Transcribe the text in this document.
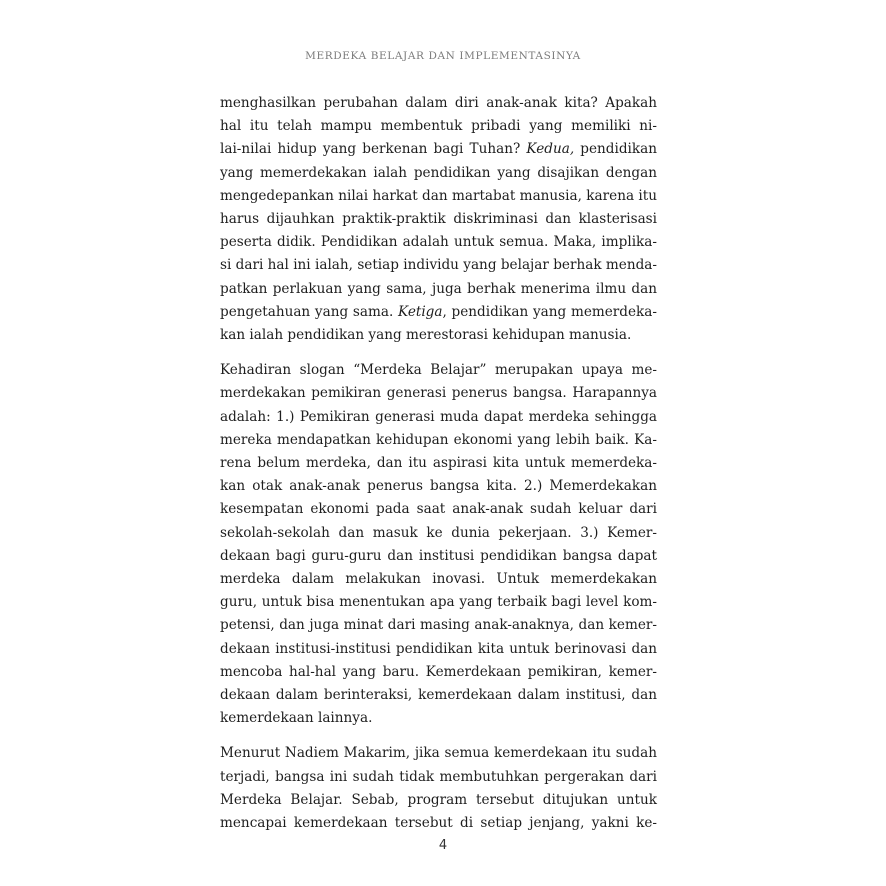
MERDEKA BELAJAR DAN IMPLEMENTASINYA

menghasilkan perubahan dalam diri anak-anak kita? Apakah
hal itu telah mampu membentuk pribadi yang memiliki ni-
lai-nilai hidup yang berkenan bagi Tuhan? Kedua, pendidikan
yang memerdekakan ialah pendidikan yang disajikan dengan
mengedepankan nilai harkat dan martabat manusia, karena itu
harus dijauhkan praktik-praktik diskriminasi dan klasterisasi
peserta didik. Pendidikan adalah untuk semua. Maka, implika-
si dari hal ini ialah, setiap individu yang belajar berhak menda-
patkan perlakuan yang sama, juga berhak menerima ilmu dan
pengetahuan yang sama. Ketiga, pendidikan yang memerdeka-
kan ialah pendidikan yang merestorasi kehidupan manusia.

Kehadiran slogan “Merdeka Belajar” merupakan upaya me-
merdekakan pemikiran generasi penerus bangsa. Harapannya
adalah: 1.) Pemikiran generasi muda dapat merdeka sehingga
mereka mendapatkan kehidupan ekonomi yang lebih baik. Ka-
rena belum merdeka, dan itu aspirasi kita untuk memerdeka-
kan otak anak-anak penerus bangsa kita. 2.) Memerdekakan
kesempatan ekonomi pada saat anak-anak sudah keluar dari
sekolah-sekolah dan masuk ke dunia pekerjaan. 3.) Kemer-
dekaan bagi guru-guru dan institusi pendidikan bangsa dapat
merdeka dalam melakukan inovasi. Untuk memerdekakan
guru, untuk bisa menentukan apa yang terbaik bagi level kom-
petensi, dan juga minat dari masing anak-anaknya, dan kemer-
dekaan institusi-institusi pendidikan kita untuk berinovasi dan
mencoba hal-hal yang baru. Kemerdekaan pemikiran, kemer-
dekaan dalam berinteraksi, kemerdekaan dalam institusi, dan
kemerdekaan lainnya.

Menurut Nadiem Makarim, jika semua kemerdekaan itu sudah
terjadi, bangsa ini sudah tidak membutuhkan pergerakan dari
Merdeka Belajar. Sebab, program tersebut ditujukan untuk
mencapai kemerdekaan tersebut di setiap jenjang, yakni ke-

4
